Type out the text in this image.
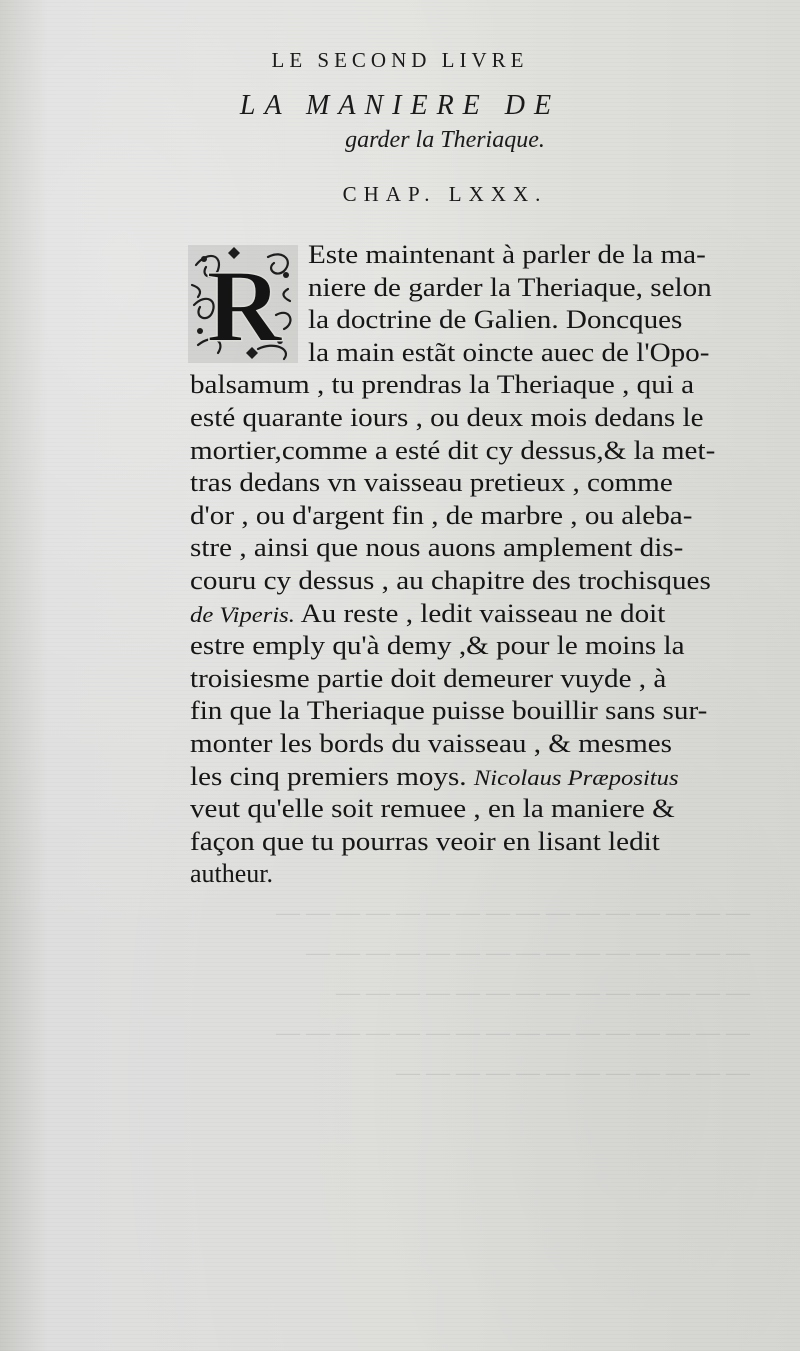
— — — — — — — — — — — — — — — —
— — — — — — — — — — — — — — —
— — — — — — — — — — — — — —
— — — — — — — — — — — — — — — —
— — — — — — — — — — — —
LE SECOND LIVRE
LA MANIERE DE
garder la Theriaque.
CHAP. LXXX.
R Este maintenant à parler de la ma-
niere de garder la Theriaque, selon
la doctrine de Galien. Doncques
la main estãt oincte auec de l'Opo-
balsamum , tu prendras la Theriaque , qui a
esté quarante iours , ou deux mois dedans le
mortier,comme a esté dit cy dessus,& la met-
tras dedans vn vaisseau pretieux , comme
d'or , ou d'argent fin , de marbre , ou aleba-
stre , ainsi que nous auons amplement dis-
couru cy dessus , au chapitre des trochisques
de Viperis. Au reste , ledit vaisseau ne doit
estre emply qu'à demy ,& pour le moins la
troisiesme partie doit demeurer vuyde , à
fin que la Theriaque puisse bouillir sans sur-
monter les bords du vaisseau , & mesmes
les cinq premiers moys. Nicolaus Præpositus
veut qu'elle soit remuee , en la maniere &
façon que tu pourras veoir en lisant ledit
autheur.
